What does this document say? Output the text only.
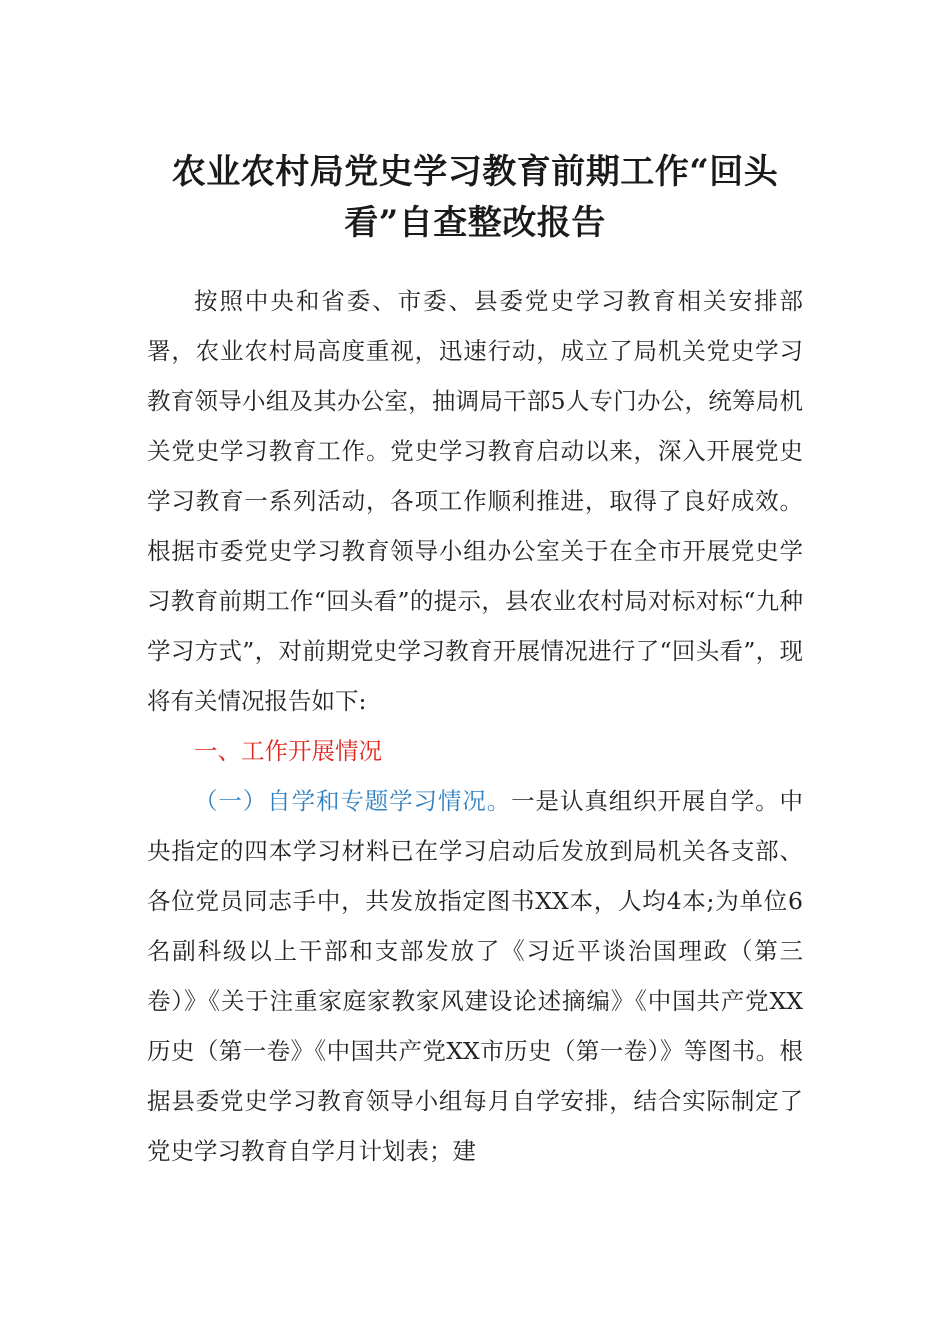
农业农村局党史学习教育前期工作“回头
看”自查整改报告

按照中央和省委、市委、县委党史学习教育相关安排部署，农业农村局高度重视，迅速行动，成立了局机关党史学习教育领导小组及其办公室，抽调局干部5人专门办公，统筹局机关党史学习教育工作。党史学习教育启动以来，深入开展党史学习教育一系列活动，各项工作顺利推进，取得了良好成效。根据市委党史学习教育领导小组办公室关于在全市开展党史学习教育前期工作“回头看”的提示，县农业农村局对标对标“九种学习方式”，对前期党史学习教育开展情况进行了“回头看”，现将有关情况报告如下:

一、工作开展情况

（一）自学和专题学习情况。一是认真组织开展自学。中央指定的四本学习材料已在学习启动后发放到局机关各支部、各位党员同志手中，共发放指定图书XX本，人均4本;为单位6名副科级以上干部和支部发放了《习近平谈治国理政（第三卷）》《关于注重家庭家教家风建设论述摘编》《中国共产党XX历史（第一卷》《中国共产党XX市历史（第一卷）》等图书。根据县委党史学习教育领导小组每月自学安排，结合实际制定了党史学习教育自学月计划表；建
